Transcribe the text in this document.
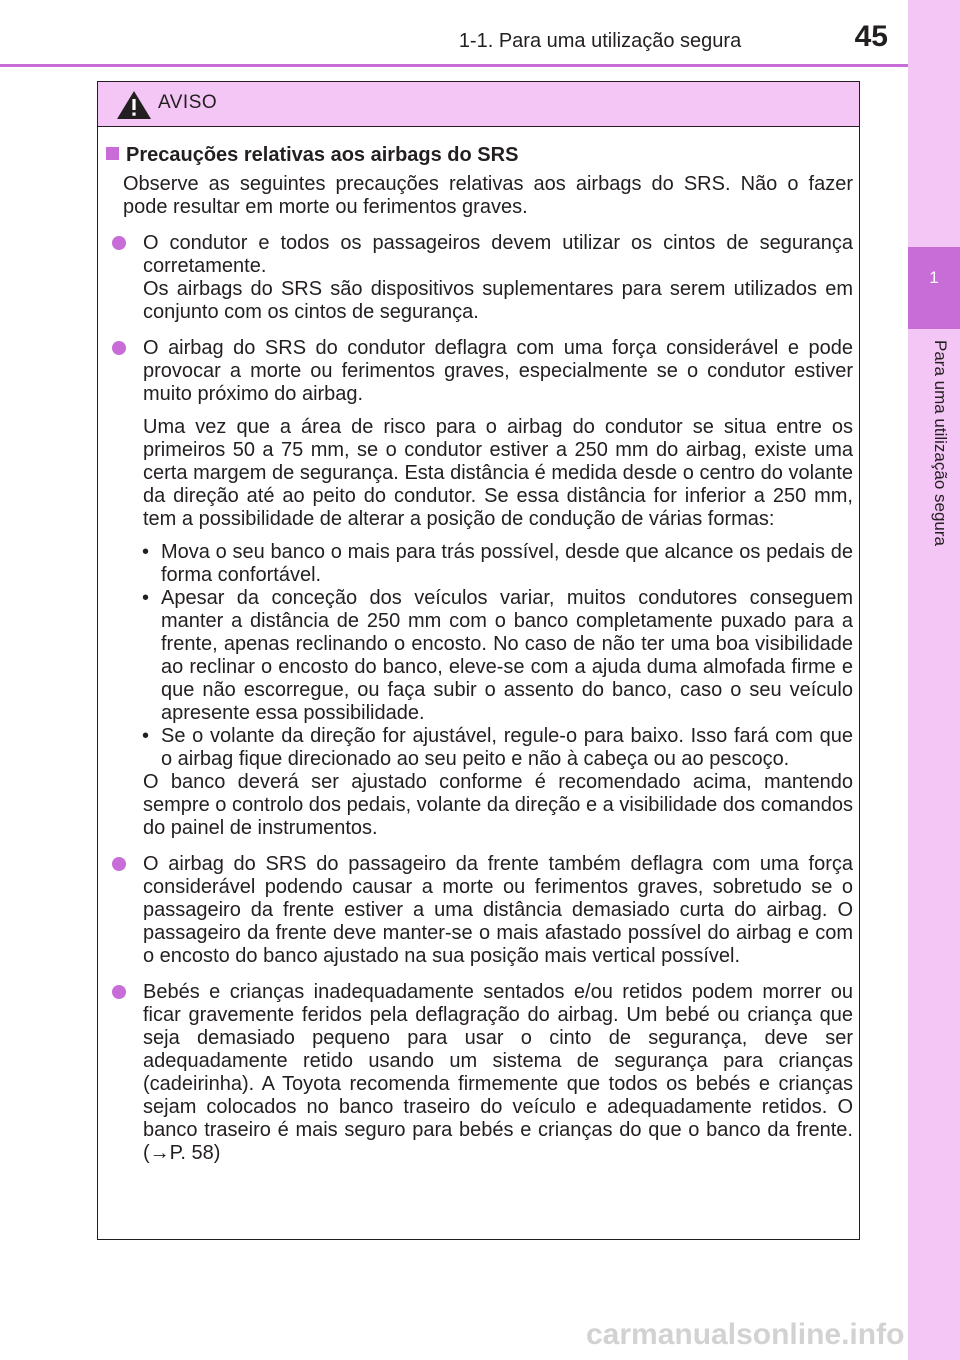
1-1. Para uma utilização segura	45
1
Para uma utilização segura
AVISO
Precauções relativas aos airbags do SRS
Observe as seguintes precauções relativas aos airbags do SRS. Não o fazer pode resultar em morte ou ferimentos graves.

O condutor e todos os passageiros devem utilizar os cintos de segurança corretamente.

Os airbags do SRS são dispositivos suplementares para serem utilizados em conjunto com os cintos de segurança.

O airbag do SRS do condutor deflagra com uma força considerável e pode provocar a morte ou ferimentos graves, especialmente se o condutor estiver muito próximo do airbag.

Uma vez que a área de risco para o airbag do condutor se situa entre os primeiros 50 a 75 mm, se o condutor estiver a 250 mm do airbag, existe uma certa margem de segurança. Esta distância é medida desde o centro do volante da direção até ao peito do condutor. Se essa distância for inferior a 250 mm, tem a possibilidade de alterar a posição de condução de várias formas:

• Mova o seu banco o mais para trás possível, desde que alcance os pedais de forma confortável.

• Apesar da conceção dos veículos variar, muitos condutores conseguem manter a distância de 250 mm com o banco completamente puxado para a frente, apenas reclinando o encosto. No caso de não ter uma boa visibilidade ao reclinar o encosto do banco, eleve-se com a ajuda duma almofada firme e que não escorregue, ou faça subir o assento do banco, caso o seu veículo apresente essa possibilidade.

• Se o volante da direção for ajustável, regule-o para baixo. Isso fará com que o airbag fique direcionado ao seu peito e não à cabeça ou ao pescoço.

O banco deverá ser ajustado conforme é recomendado acima, mantendo sempre o controlo dos pedais, volante da direção e a visibilidade dos comandos do painel de instrumentos.

O airbag do SRS do passageiro da frente também deflagra com uma força considerável podendo causar a morte ou ferimentos graves, sobretudo se o passageiro da frente estiver a uma distância demasiado curta do airbag. O passageiro da frente deve manter-se o mais afastado possível do airbag e com o encosto do banco ajustado na sua posição mais vertical possível.

Bebés e crianças inadequadamente sentados e/ou retidos podem morrer ou ficar gravemente feridos pela deflagração do airbag. Um bebé ou criança que seja demasiado pequeno para usar o cinto de segurança, deve ser adequadamente retido usando um sistema de segurança para crianças (cadeirinha). A Toyota recomenda firmemente que todos os bebés e crianças sejam colocados no banco traseiro do veículo e adequadamente retidos. O banco traseiro é mais seguro para bebés e crianças do que o banco da frente. (→P. 58)

carmanualsonline.info
